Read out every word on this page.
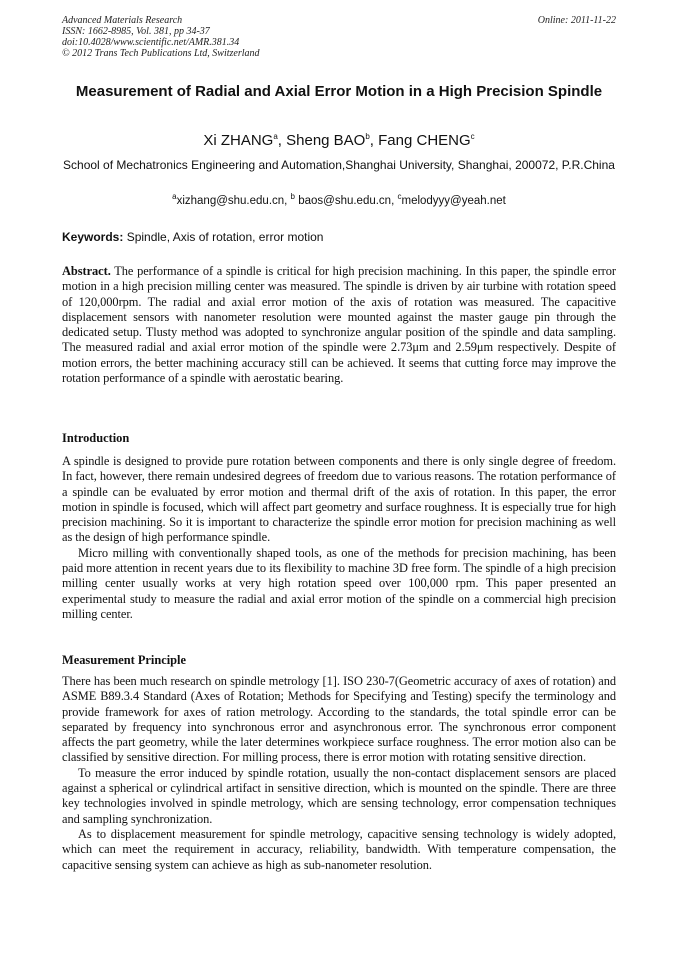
Advanced Materials Research
ISSN: 1662-8985, Vol. 381, pp 34-37
doi:10.4028/www.scientific.net/AMR.381.34
© 2012 Trans Tech Publications Ltd, Switzerland
Online: 2011-11-22
Measurement of Radial and Axial Error Motion in a High Precision Spindle
Xi ZHANG$^a$, Sheng BAO$^b$, Fang CHENG$^c$
School of Mechatronics Engineering and Automation,Shanghai University, Shanghai, 200072, P.R.China
$^a$xizhang@shu.edu.cn, $^b$ baos@shu.edu.cn, $^c$melodyyy@yeah.net
Keywords: Spindle, Axis of rotation, error motion

Abstract. The performance of a spindle is critical for high precision machining. In this paper, the spindle error motion in a high precision milling center was measured. The spindle is driven by air turbine with rotation speed of 120,000rpm. The radial and axial error motion of the axis of rotation was measured. The capacitive displacement sensors with nanometer resolution were mounted against the master gauge pin through the dedicated setup. Tlusty method was adopted to synchronize angular position of the spindle and data sampling. The measured radial and axial error motion of the spindle were 2.73μm and 2.59μm respectively. Despite of motion errors, the better machining accuracy still can be achieved. It seems that cutting force may improve the rotation performance of a spindle with aerostatic bearing.

Introduction

A spindle is designed to provide pure rotation between components and there is only single degree of freedom. In fact, however, there remain undesired degrees of freedom due to various reasons. The rotation performance of a spindle can be evaluated by error motion and thermal drift of the axis of rotation. In this paper, the error motion in spindle is focused, which will affect part geometry and surface roughness. It is especially true for high precision machining. So it is important to characterize the spindle error motion for precision machining as well as the design of high performance spindle.

Micro milling with conventionally shaped tools, as one of the methods for precision machining, has been paid more attention in recent years due to its flexibility to machine 3D free form. The spindle of a high precision milling center usually works at very high rotation speed over 100,000 rpm. This paper presented an experimental study to measure the radial and axial error motion of the spindle on a commercial high precision milling center.

Measurement Principle

There has been much research on spindle metrology [1]. ISO 230-7(Geometric accuracy of axes of rotation) and ASME B89.3.4 Standard (Axes of Rotation; Methods for Specifying and Testing) specify the terminology and provide framework for axes of ration metrology. According to the standards, the total spindle error can be separated by frequency into synchronous error and asynchronous error. The synchronous error component affects the part geometry, while the later determines workpiece surface roughness. The error motion also can be classified by sensitive direction. For milling process, there is error motion with rotating sensitive direction.

To measure the error induced by spindle rotation, usually the non-contact displacement sensors are placed against a spherical or cylindrical artifact in sensitive direction, which is mounted on the spindle. There are three key technologies involved in spindle metrology, which are sensing technology, error compensation techniques and sampling synchronization.

As to displacement measurement for spindle metrology, capacitive sensing technology is widely adopted, which can meet the requirement in accuracy, reliability, bandwidth. With temperature compensation, the capacitive sensing system can achieve as high as sub-nanometer resolution.
